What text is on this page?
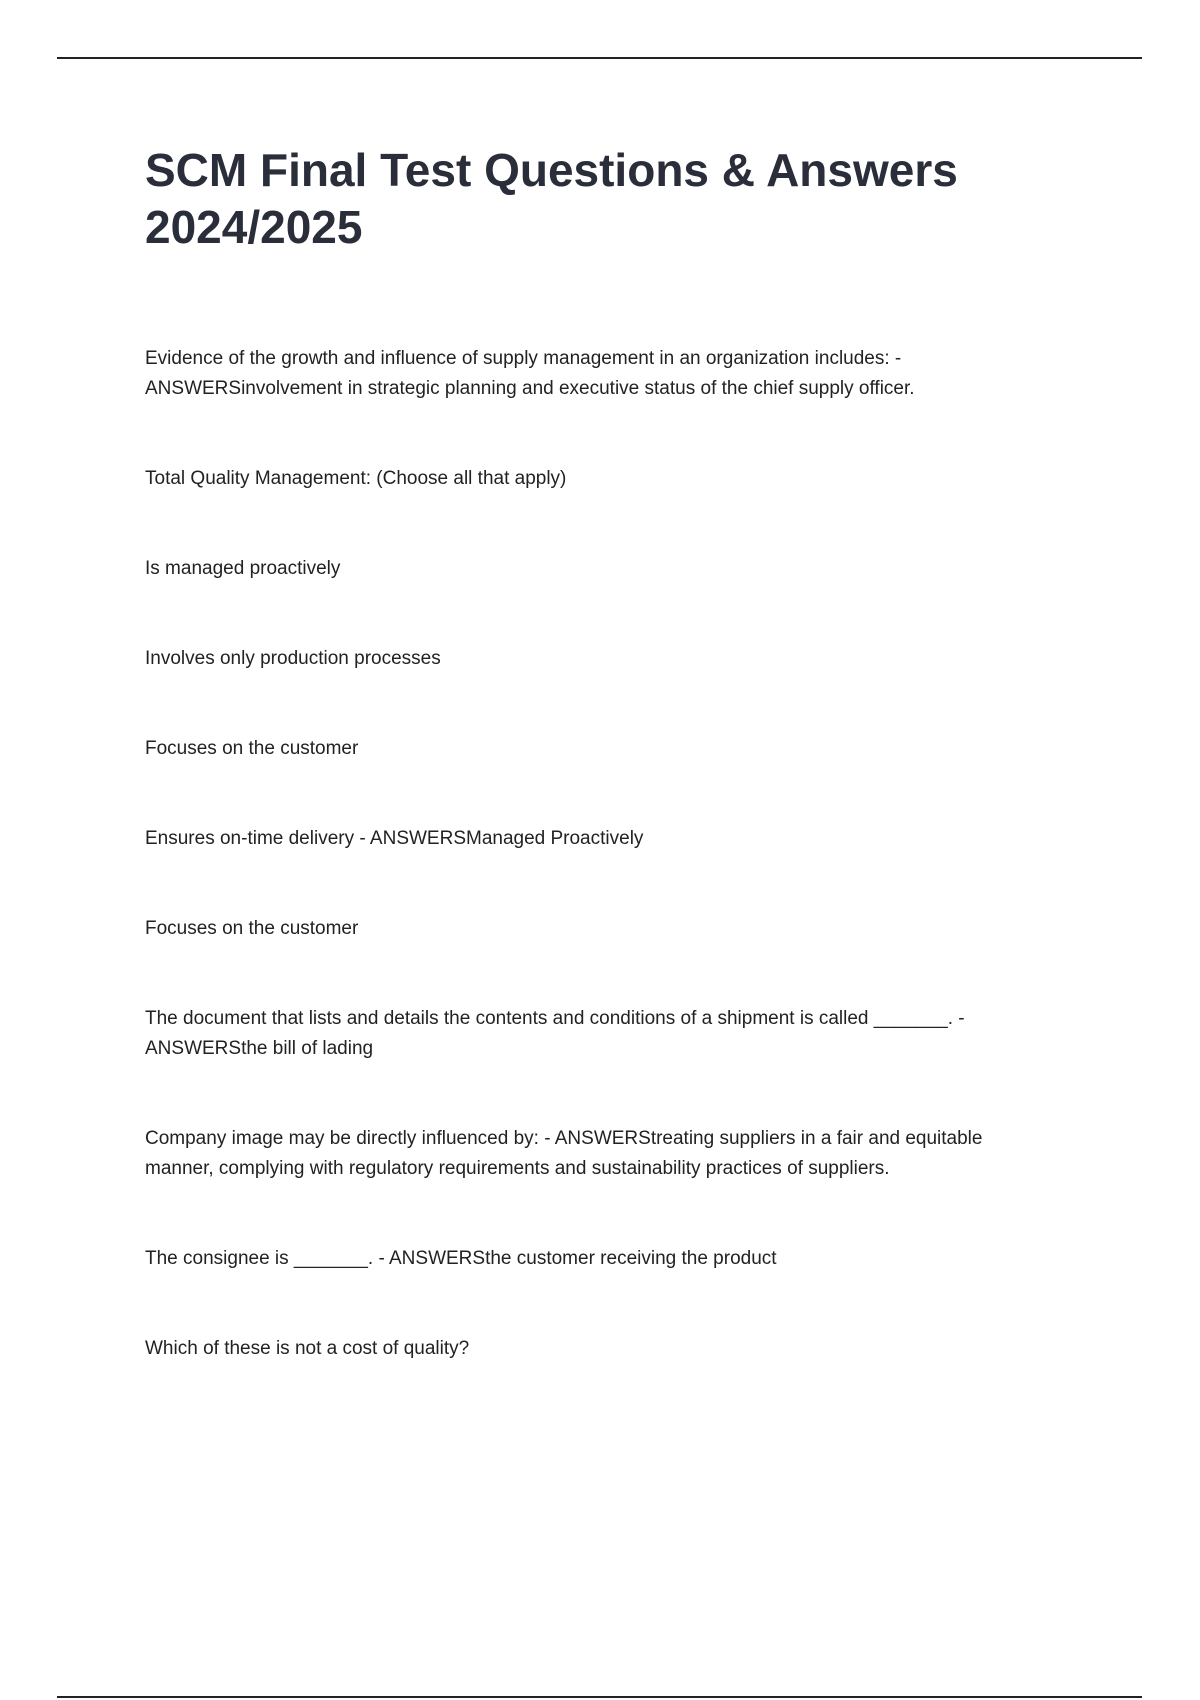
SCM Final Test Questions & Answers 2024/2025

Evidence of the growth and influence of supply management in an organization includes: - ANSWERSinvolvement in strategic planning and executive status of the chief supply officer.

Total Quality Management: (Choose all that apply)

Is managed proactively

Involves only production processes

Focuses on the customer

Ensures on-time delivery - ANSWERSManaged Proactively

Focuses on the customer

The document that lists and details the contents and conditions of a shipment is called _______. - ANSWERSthe bill of lading

Company image may be directly influenced by: - ANSWERStreating suppliers in a fair and equitable manner, complying with regulatory requirements and sustainability practices of suppliers.

The consignee is _______. - ANSWERSthe customer receiving the product

Which of these is not a cost of quality?
